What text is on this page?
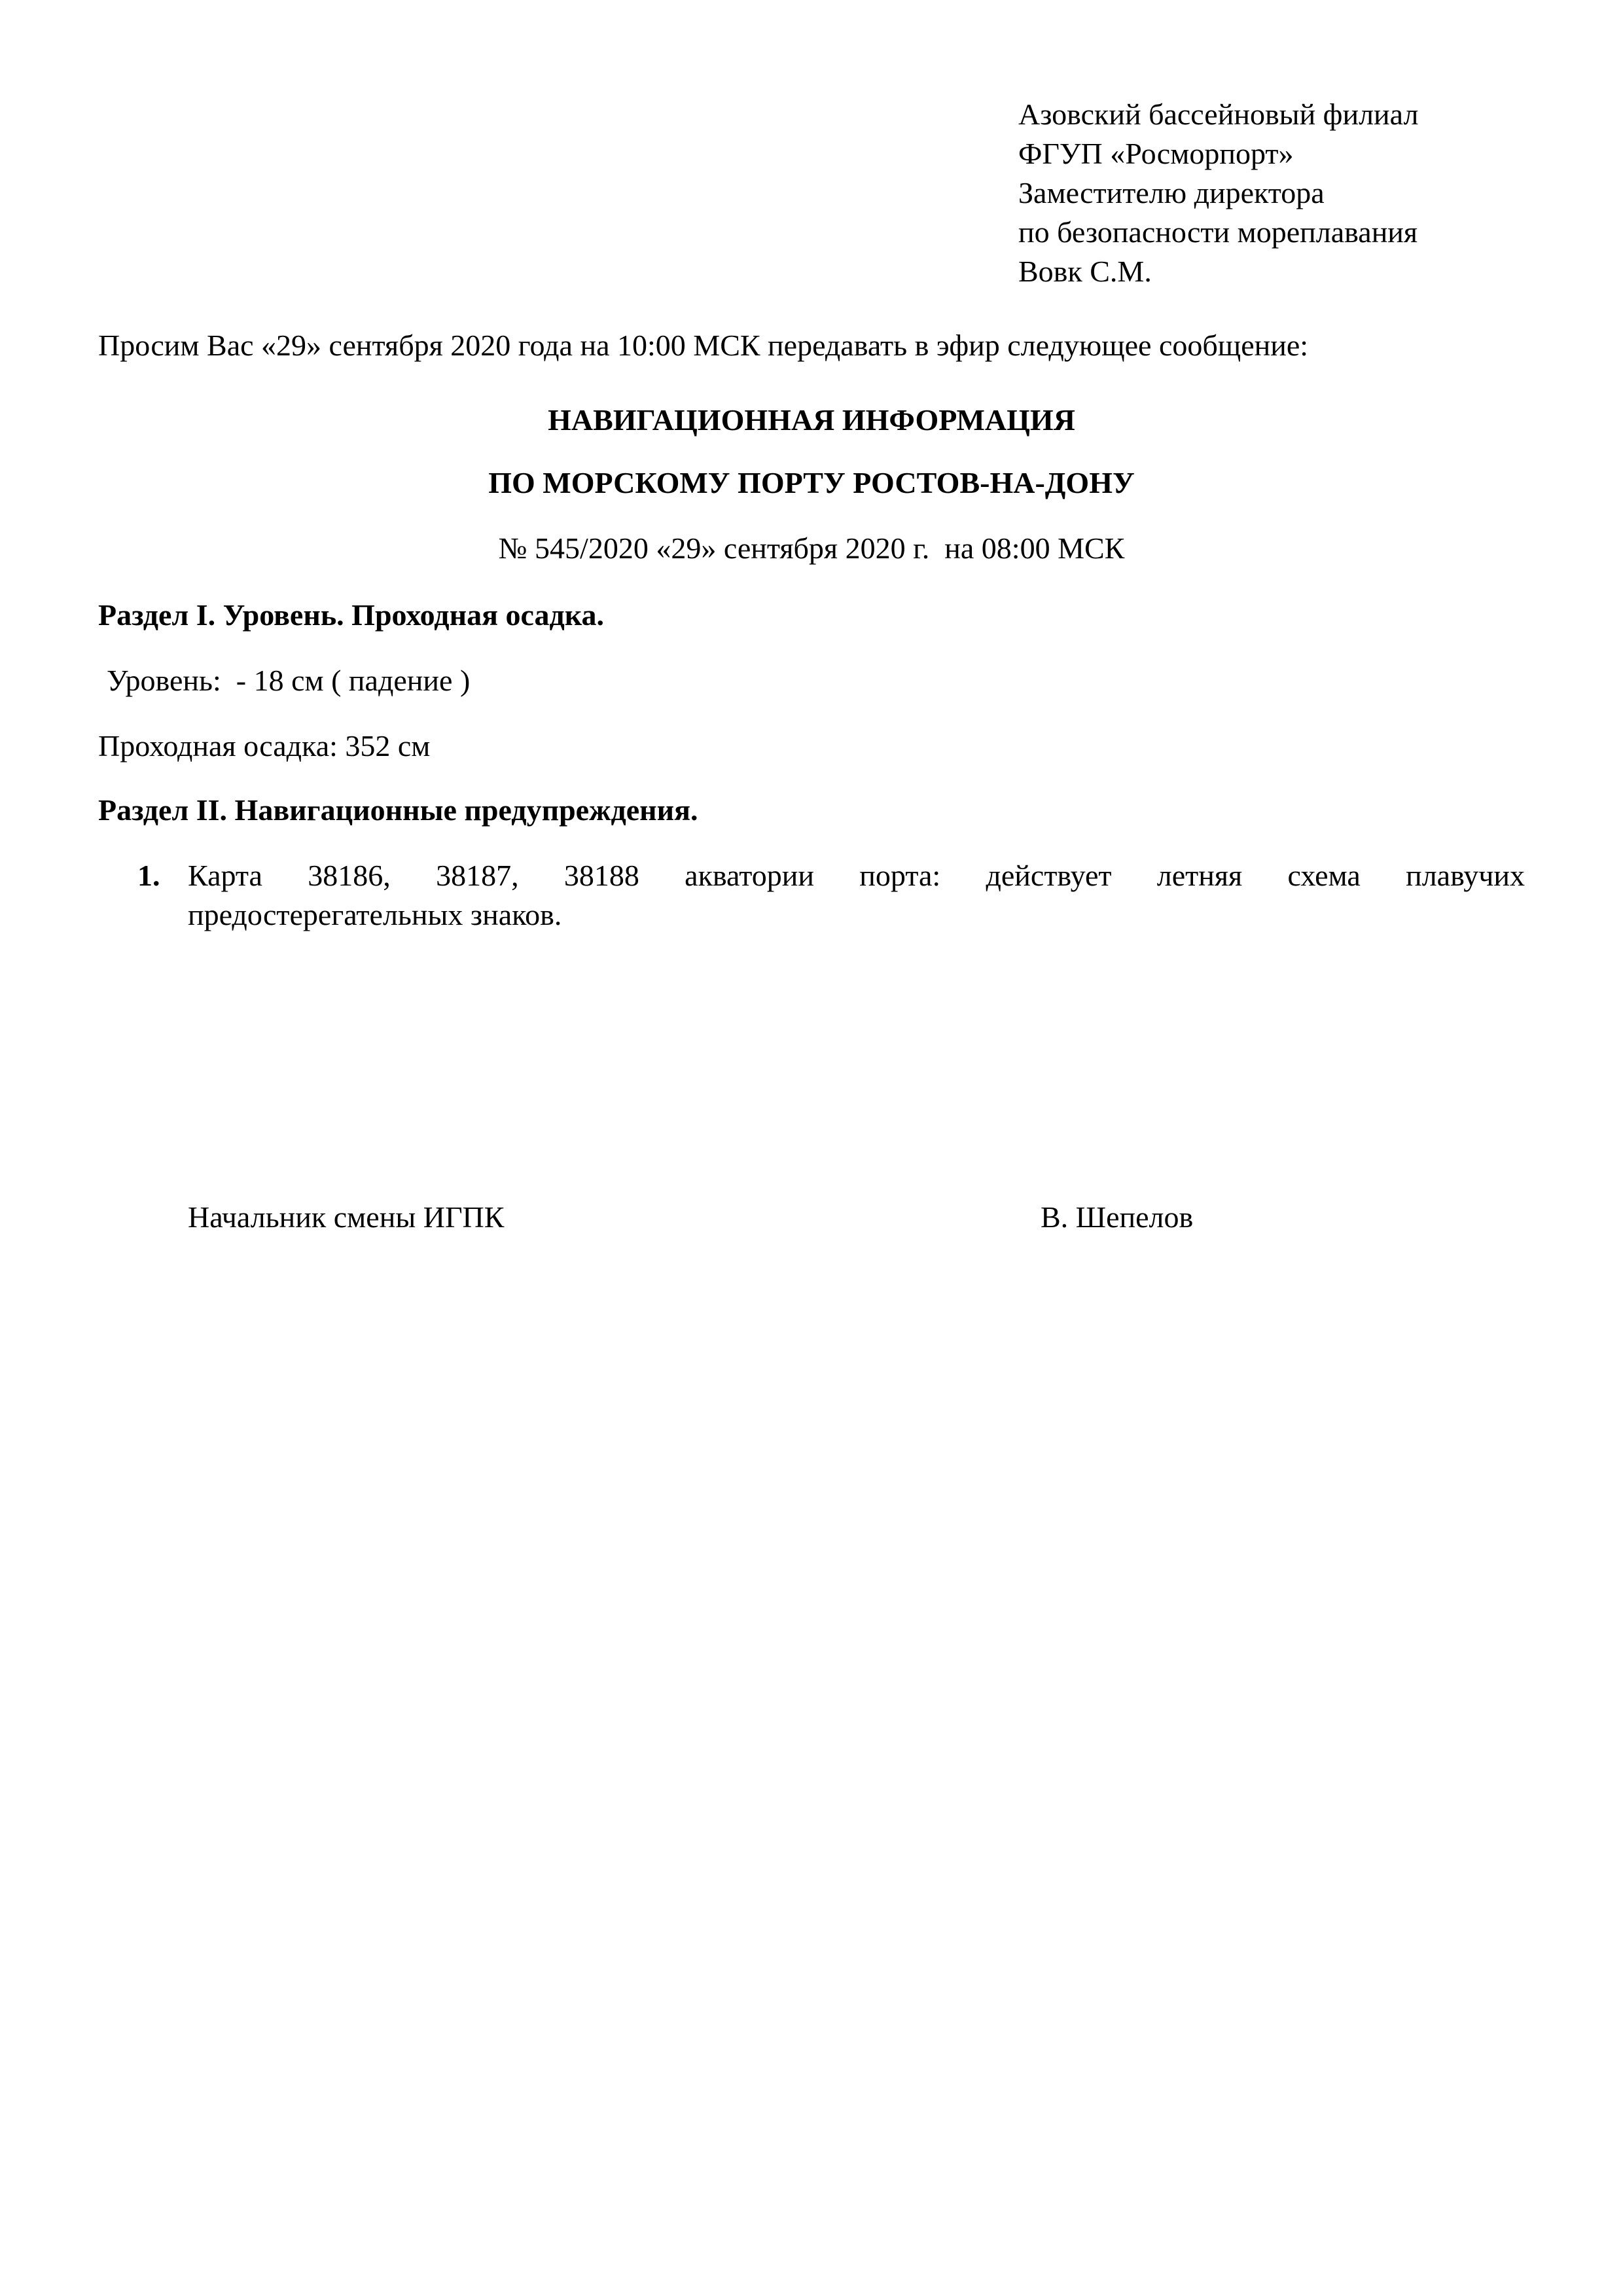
Азовский бассейновый филиал
ФГУП «Росморпорт»
Заместителю директора
по безопасности мореплавания
Вовк С.М.
Просим Вас «29» сентября 2020 года на 10:00 МСК передавать в эфир следующее сообщение:
НАВИГАЦИОННАЯ ИНФОРМАЦИЯ
ПО МОРСКОМУ ПОРТУ РОСТОВ-НА-ДОНУ
№ 545/2020 «29» сентября 2020 г.  на 08:00 МСК
Раздел I. Уровень. Проходная осадка.
Уровень:  - 18 см ( падение )
Проходная осадка: 352 см
Раздел II. Навигационные предупреждения.
1. Карта 38186, 38187, 38188 акватории порта: действует летняя схема плавучих
предостерегательных знаков.
Начальник смены ИГПК	В. Шепелов
